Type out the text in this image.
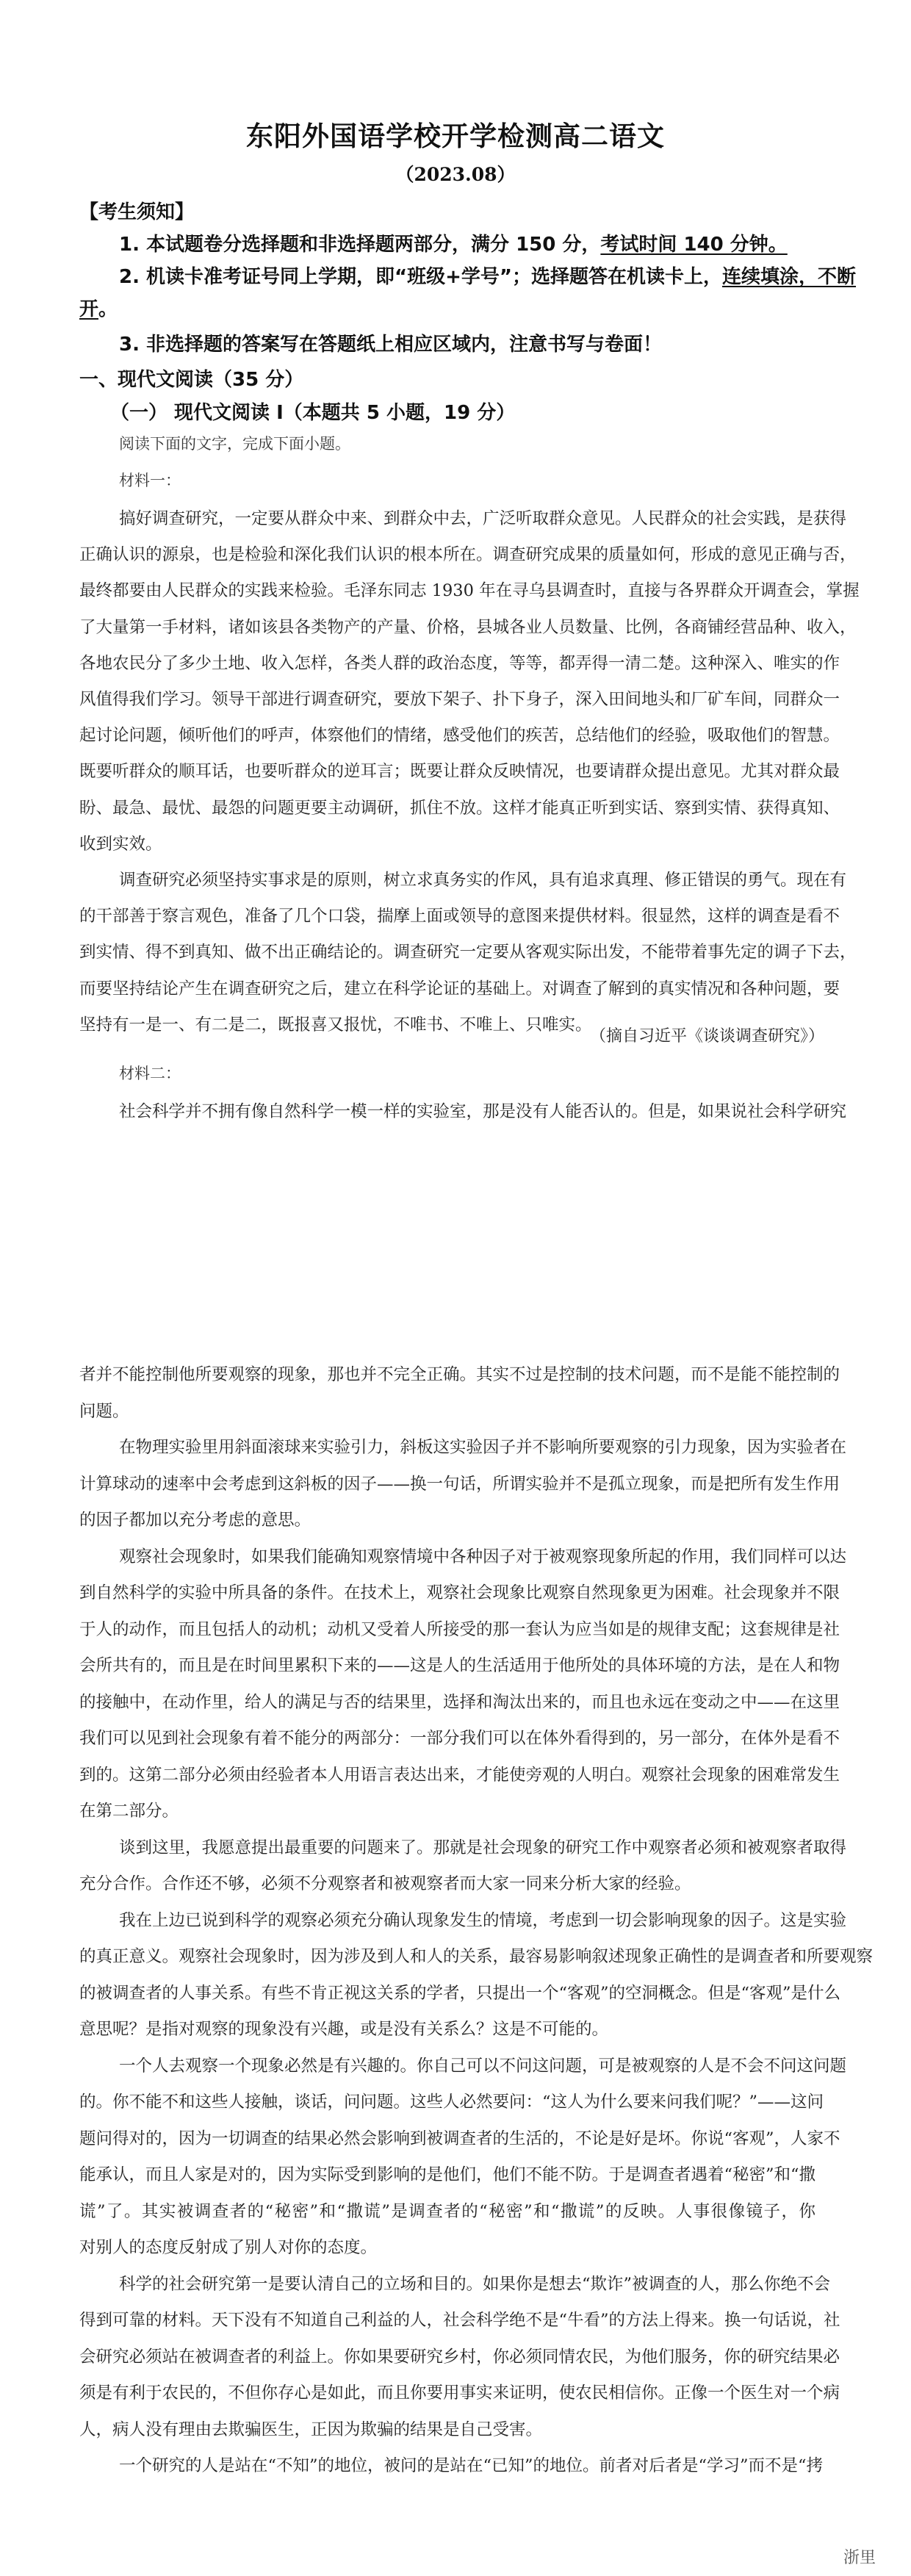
东阳外国语学校开学检测高二语文
（2023.08）
【考生须知】
1. 本试题卷分选择题和非选择题两部分，满分 150 分，考试时间 140 分钟。
2. 机读卡准考证号同上学期，即“班级+学号”；选择题答在机读卡上，连续填涂，不断
开。
3. 非选择题的答案写在答题纸上相应区域内，注意书写与卷面！
一、现代文阅读（35 分）
（一） 现代文阅读 I（本题共 5 小题，19 分）
阅读下面的文字，完成下面小题。
材料一：
搞好调查研究，一定要从群众中来、到群众中去，广泛听取群众意见。人民群众的社会实践，是获得
正确认识的源泉，也是检验和深化我们认识的根本所在。调查研究成果的质量如何，形成的意见正确与否，
最终都要由人民群众的实践来检验。毛泽东同志 1930 年在寻乌县调查时，直接与各界群众开调查会，掌握
了大量第一手材料，诸如该县各类物产的产量、价格，县城各业人员数量、比例，各商铺经营品种、收入，
各地农民分了多少土地、收入怎样，各类人群的政治态度，等等，都弄得一清二楚。这种深入、唯实的作
风值得我们学习。领导干部进行调查研究，要放下架子、扑下身子，深入田间地头和厂矿车间，同群众一
起讨论问题，倾听他们的呼声，体察他们的情绪，感受他们的疾苦，总结他们的经验，吸取他们的智慧。
既要听群众的顺耳话，也要听群众的逆耳言；既要让群众反映情况，也要请群众提出意见。尤其对群众最
盼、最急、最忧、最怨的问题更要主动调研，抓住不放。这样才能真正听到实话、察到实情、获得真知、
收到实效。
调查研究必须坚持实事求是的原则，树立求真务实的作风，具有追求真理、修正错误的勇气。现在有
的干部善于察言观色，准备了几个口袋，揣摩上面或领导的意图来提供材料。很显然，这样的调查是看不
到实情、得不到真知、做不出正确结论的。调查研究一定要从客观实际出发，不能带着事先定的调子下去，
而要坚持结论产生在调查研究之后，建立在科学论证的基础上。对调查了解到的真实情况和各种问题，要
坚持有一是一、有二是二，既报喜又报忧，不唯书、不唯上、只唯实。
（摘自习近平《谈谈调查研究》）
材料二：
社会科学并不拥有像自然科学一模一样的实验室，那是没有人能否认的。但是，如果说社会科学研究
者并不能控制他所要观察的现象，那也并不完全正确。其实不过是控制的技术问题，而不是能不能控制的
问题。
在物理实验里用斜面滚球来实验引力，斜板这实验因子并不影响所要观察的引力现象，因为实验者在
计算球动的速率中会考虑到这斜板的因子——换一句话，所谓实验并不是孤立现象，而是把所有发生作用
的因子都加以充分考虑的意思。
观察社会现象时，如果我们能确知观察情境中各种因子对于被观察现象所起的作用，我们同样可以达
到自然科学的实验中所具备的条件。在技术上，观察社会现象比观察自然现象更为困难。社会现象并不限
于人的动作，而且包括人的动机；动机又受着人所接受的那一套认为应当如是的规律支配；这套规律是社
会所共有的，而且是在时间里累积下来的——这是人的生活适用于他所处的具体环境的方法，是在人和物
的接触中，在动作里，给人的满足与否的结果里，选择和淘汰出来的，而且也永远在变动之中——在这里
我们可以见到社会现象有着不能分的两部分：一部分我们可以在体外看得到的，另一部分，在体外是看不
到的。这第二部分必须由经验者本人用语言表达出来，才能使旁观的人明白。观察社会现象的困难常发生
在第二部分。
谈到这里，我愿意提出最重要的问题来了。那就是社会现象的研究工作中观察者必须和被观察者取得
充分合作。合作还不够，必须不分观察者和被观察者而大家一同来分析大家的经验。
我在上边已说到科学的观察必须充分确认现象发生的情境，考虑到一切会影响现象的因子。这是实验
的真正意义。观察社会现象时，因为涉及到人和人的关系，最容易影响叙述现象正确性的是调查者和所要观察
的被调查者的人事关系。有些不肯正视这关系的学者，只提出一个“客观”的空洞概念。但是“客观”是什么
意思呢？是指对观察的现象没有兴趣，或是没有关系么？这是不可能的。
一个人去观察一个现象必然是有兴趣的。你自己可以不问这问题，可是被观察的人是不会不问这问题
的。你不能不和这些人接触，谈话，问问题。这些人必然要问：“这人为什么要来问我们呢？”——这问
题问得对的，因为一切调查的结果必然会影响到被调查者的生活的，不论是好是坏。你说“客观”，人家不
能承认，而且人家是对的，因为实际受到影响的是他们，他们不能不防。于是调查者遇着“秘密”和“撒
谎”了。其实被调查者的“秘密”和“撒谎”是调查者的“秘密”和“撒谎”的反映。人事很像镜子，你
对别人的态度反射成了别人对你的态度。
科学的社会研究第一是要认清自己的立场和目的。如果你是想去“欺诈”被调查的人，那么你绝不会
得到可靠的材料。天下没有不知道自己利益的人，社会科学绝不是“牛看”的方法上得来。换一句话说，社
会研究必须站在被调查者的利益上。你如果要研究乡村，你必须同情农民，为他们服务，你的研究结果必
须是有利于农民的，不但你存心是如此，而且你要用事实来证明，使农民相信你。正像一个医生对一个病
人，病人没有理由去欺骗医生，正因为欺骗的结果是自己受害。
一个研究的人是站在“不知”的地位，被问的是站在“已知”的地位。前者对后者是“学习”而不是“拷
浙里
